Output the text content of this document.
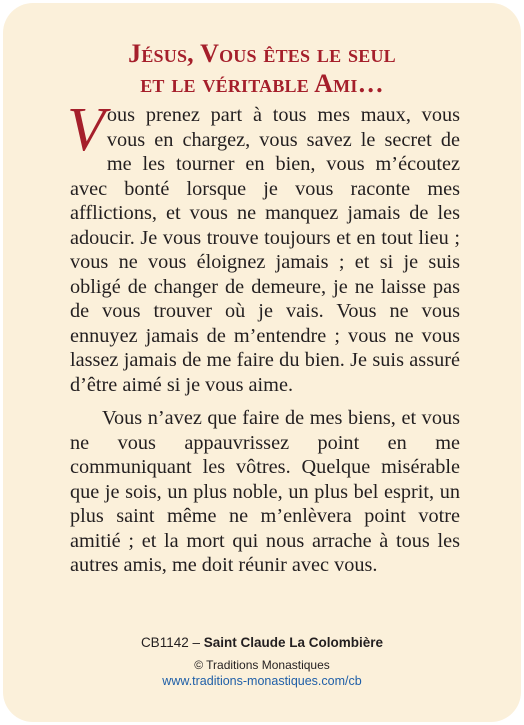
Jésus, Vous êtes le seul
et le véritable Ami…

Vous prenez part à tous mes maux, vous vous en chargez, vous savez le secret de me les tourner en bien, vous m’écoutez avec bonté lorsque je vous raconte mes afflictions, et vous ne manquez jamais de les adoucir. Je vous trouve toujours et en tout lieu ; vous ne vous éloignez jamais ; et si je suis obligé de changer de demeure, je ne laisse pas de vous trouver où je vais. Vous ne vous ennuyez jamais de m’entendre ; vous ne vous lassez jamais de me faire du bien. Je suis assuré d’être aimé si je vous aime.

Vous n’avez que faire de mes biens, et vous ne vous appauvrissez point en me communiquant les vôtres. Quelque misérable que je sois, un plus noble, un plus bel esprit, un plus saint même ne m’enlèvera point votre amitié ; et la mort qui nous arrache à tous les autres amis, me doit réunir avec vous.

CB1142 – Saint Claude La Colombière

© Traditions Monastiques

www.traditions-monastiques.com/cb
